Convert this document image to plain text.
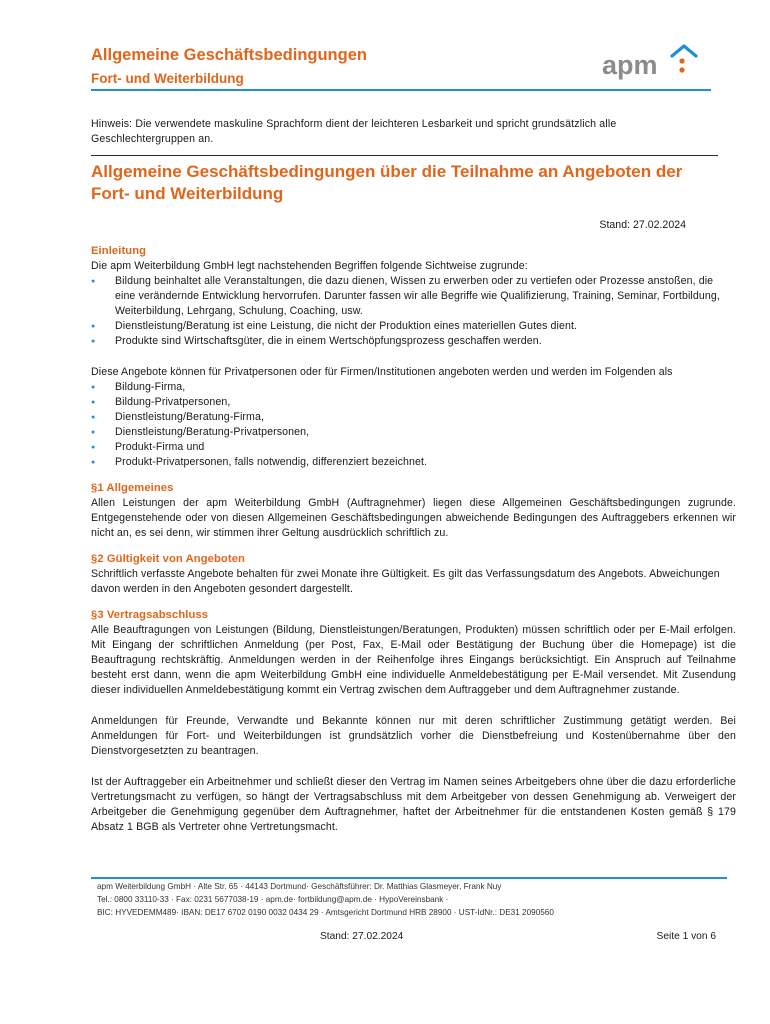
Allgemeine Geschäftsbedingungen
Fort- und Weiterbildung	apm
Hinweis: Die verwendete maskuline Sprachform dient der leichteren Lesbarkeit und spricht grundsätzlich alle Geschlechtergruppen an.
Allgemeine Geschäftsbedingungen über die Teilnahme an Angeboten der Fort- und Weiterbildung
Stand: 27.02.2024
Einleitung

Die apm Weiterbildung GmbH legt nachstehenden Begriffen folgende Sichtweise zugrunde:

● Bildung beinhaltet alle Veranstaltungen, die dazu dienen, Wissen zu erwerben oder zu vertiefen oder Prozesse anstoßen, die eine verändernde Entwicklung hervorrufen. Darunter fassen wir alle Begriffe wie Qualifizierung, Training, Seminar, Fortbildung, Weiterbildung, Lehrgang, Schulung, Coaching, usw.
● Dienstleistung/Beratung ist eine Leistung, die nicht der Produktion eines materiellen Gutes dient.
● Produkte sind Wirtschaftsgüter, die in einem Wertschöpfungsprozess geschaffen werden.

Diese Angebote können für Privatpersonen oder für Firmen/Institutionen angeboten werden und werden im Folgenden als

● Bildung-Firma,
● Bildung-Privatpersonen,
● Dienstleistung/Beratung-Firma,
● Dienstleistung/Beratung-Privatpersonen,
● Produkt-Firma und
● Produkt-Privatpersonen, falls notwendig, differenziert bezeichnet.
§1 Allgemeines

Allen Leistungen der apm Weiterbildung GmbH (Auftragnehmer) liegen diese Allgemeinen Geschäftsbedingungen zugrunde. Entgegenstehende oder von diesen Allgemeinen Geschäftsbedingungen abweichende Bedingungen des Auftraggebers erkennen wir nicht an, es sei denn, wir stimmen ihrer Geltung ausdrücklich schriftlich zu.

§2 Gültigkeit von Angeboten

Schriftlich verfasste Angebote behalten für zwei Monate ihre Gültigkeit. Es gilt das Verfassungsdatum des Angebots. Abweichungen davon werden in den Angeboten gesondert dargestellt.

§3 Vertragsabschluss

Alle Beauftragungen von Leistungen (Bildung, Dienstleistungen/Beratungen, Produkten) müssen schriftlich oder per E-Mail erfolgen. Mit Eingang der schriftlichen Anmeldung (per Post, Fax, E-Mail oder Bestätigung der Buchung über die Homepage) ist die Beauftragung rechtskräftig. Anmeldungen werden in der Reihenfolge ihres Eingangs berücksichtigt. Ein Anspruch auf Teilnahme besteht erst dann, wenn die apm Weiterbildung GmbH eine individuelle Anmeldebestätigung per E-Mail versendet. Mit Zusendung dieser individuellen Anmeldebestätigung kommt ein Vertrag zwischen dem Auftraggeber und dem Auftragnehmer zustande.

Anmeldungen für Freunde, Verwandte und Bekannte können nur mit deren schriftlicher Zustimmung getätigt werden. Bei Anmeldungen für Fort- und Weiterbildungen ist grundsätzlich vorher die Dienstbefreiung und Kostenübernahme über den Dienstvorgesetzten zu beantragen.

Ist der Auftraggeber ein Arbeitnehmer und schließt dieser den Vertrag im Namen seines Arbeitgebers ohne über die dazu erforderliche Vertretungsmacht zu verfügen, so hängt der Vertragsabschluss mit dem Arbeitgeber von dessen Genehmigung ab. Verweigert der Arbeitgeber die Genehmigung gegenüber dem Auftragnehmer, haftet der Arbeitnehmer für die entstandenen Kosten gemäß § 179 Absatz 1 BGB als Vertreter ohne Vertretungsmacht.

apm Weiterbildung GmbH · Alte Str. 65 · 44143 Dortmund· Geschäftsführer: Dr. Matthias Glasmeyer, Frank Nuy
Tel.: 0800 33110-33 · Fax: 0231 5677038-19 · apm.de· fortbildung@apm.de · HypoVereinsbank ·
BIC: HYVEDEMM489· IBAN: DE17 6702 0190 0032 0434 29 · Amtsgericht Dortmund HRB 28900 · UST-IdNr.: DE31 2090560
Stand: 27.02.2024	Seite 1 von 6
